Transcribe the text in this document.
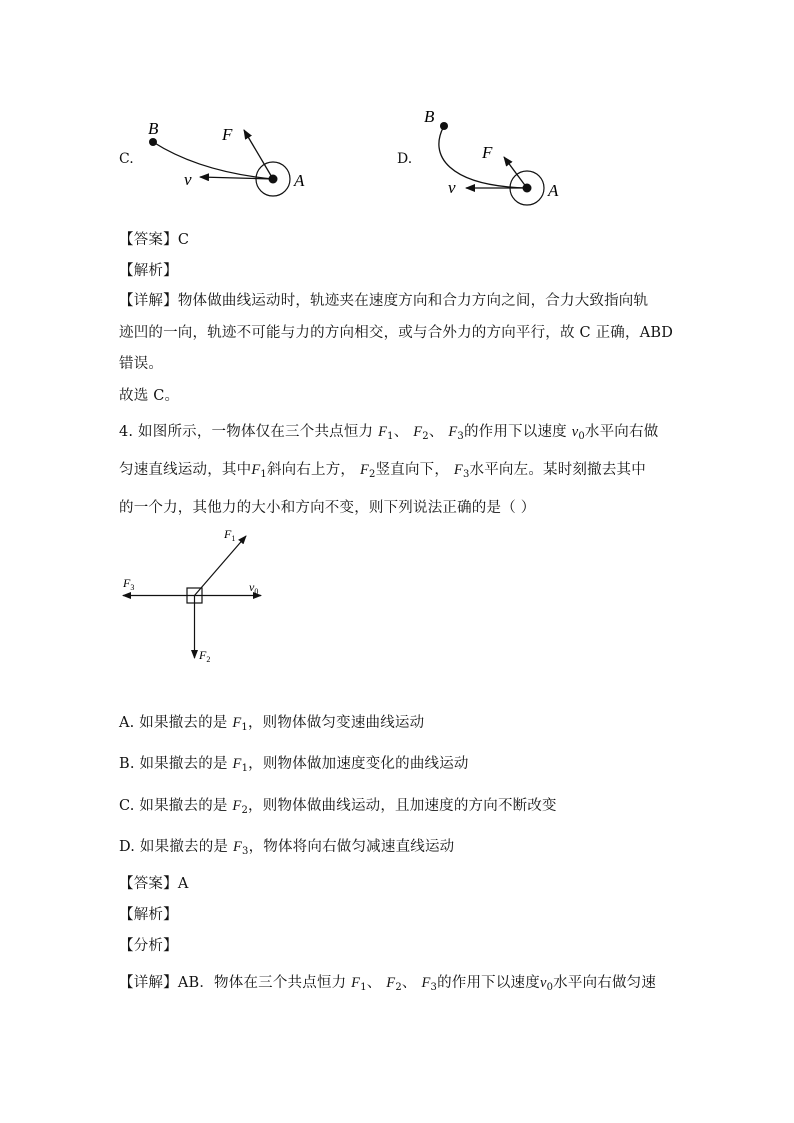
C.
B	F
v	A
D.
B
F
v	A
【答案】C
【解析】
【详解】物体做曲线运动时，轨迹夹在速度方向和合力方向之间，合力大致指向轨
迹凹的一向，轨迹不可能与力的方向相交，或与合外力的方向平行，故 C 正确，ABD
错误。
故选 C。
4. 如图所示，一物体仅在三个共点恒力 $F_1$、 $F_2$、 $F_3$的作用下以速度 $v_0$水平向右做
匀速直线运动，其中$F_1$斜向右上方， $F_2$竖直向下， $F_3$水平向左。某时刻撤去其中
的一个力，其他力的大小和方向不变，则下列说法正确的是（ ）
$F_1$
$F_2$
$F_3$	$v_0$
A. 如果撤去的是 $F_1$，则物体做匀变速曲线运动
B. 如果撤去的是 $F_1$，则物体做加速度变化的曲线运动
C. 如果撤去的是 $F_2$，则物体做曲线运动，且加速度的方向不断改变
D. 如果撤去的是 $F_3$，物体将向右做匀减速直线运动
【答案】A
【解析】
【分析】
【详解】AB．物体在三个共点恒力 $F_1$、 $F_2$、 $F_3$的作用下以速度$v_0$水平向右做匀速
